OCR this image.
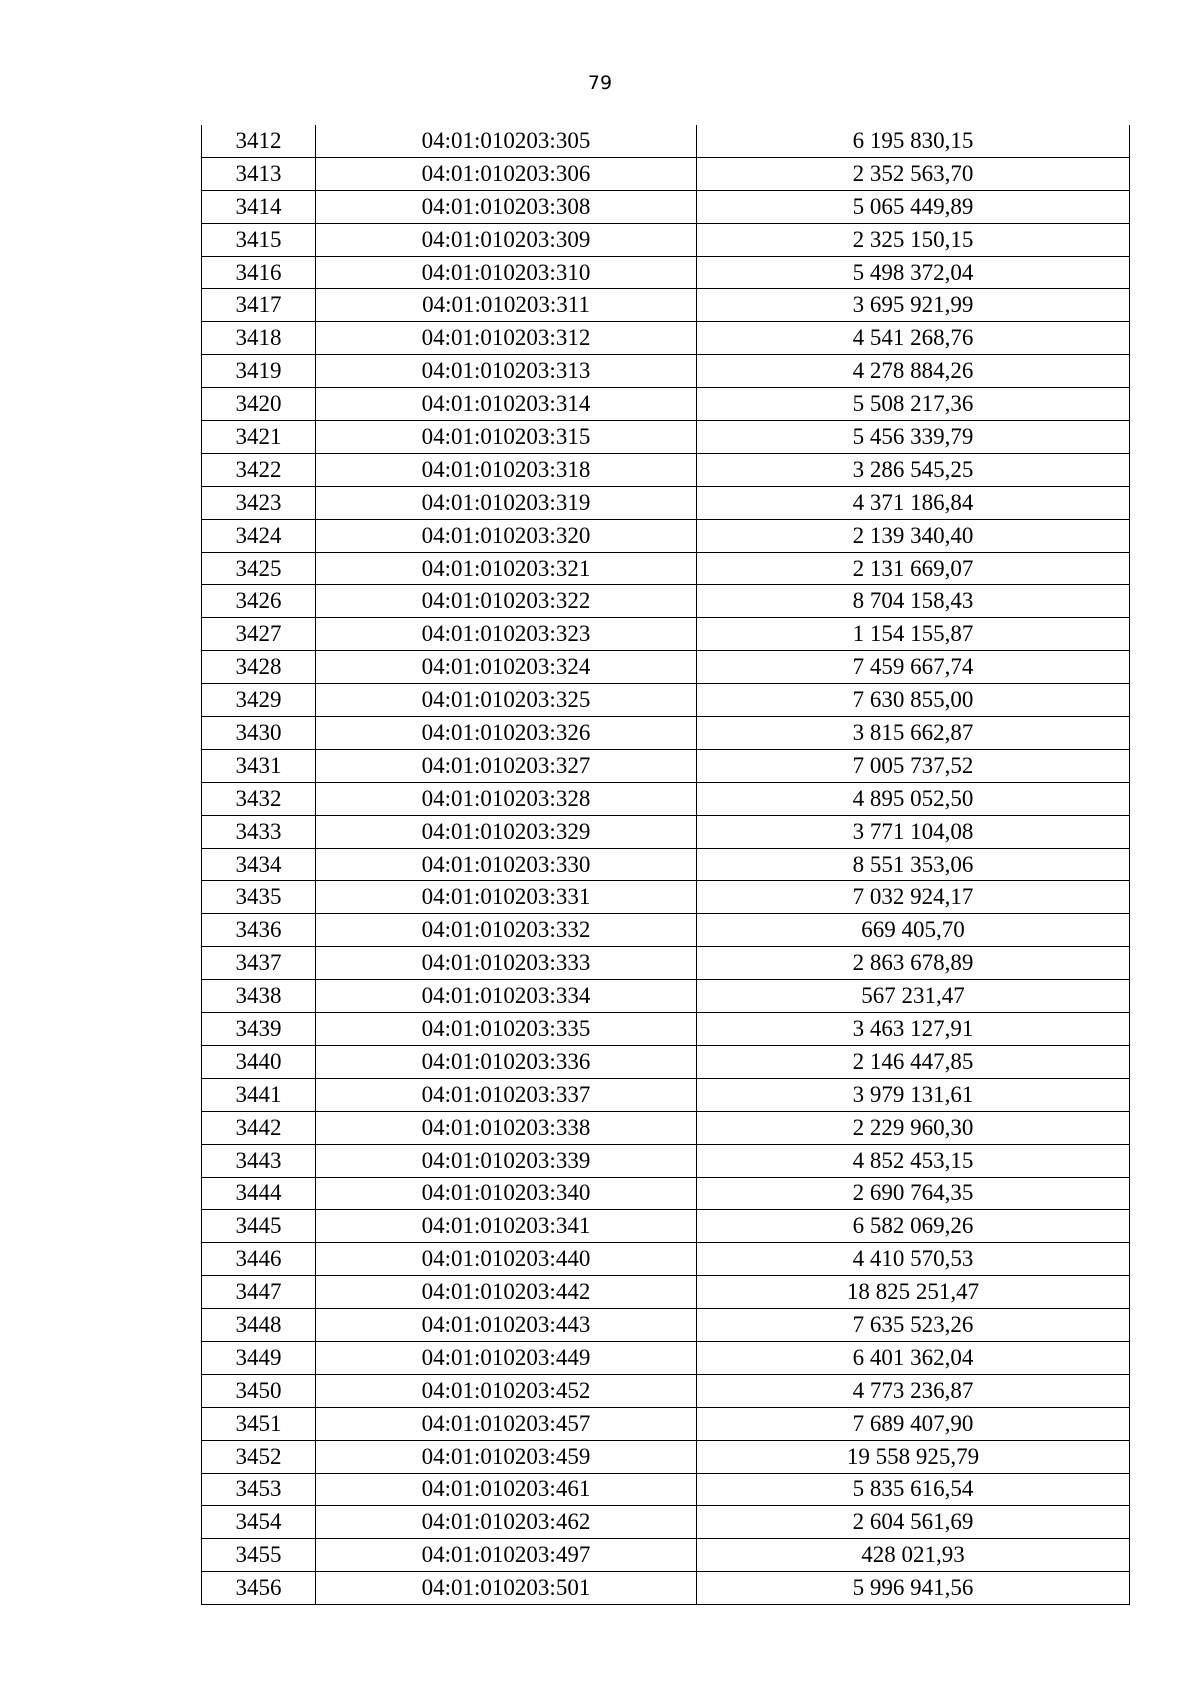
79
3412	04:01:010203:305	6 195 830,15
3413	04:01:010203:306	2 352 563,70
3414	04:01:010203:308	5 065 449,89
3415	04:01:010203:309	2 325 150,15
3416	04:01:010203:310	5 498 372,04
3417	04:01:010203:311	3 695 921,99
3418	04:01:010203:312	4 541 268,76
3419	04:01:010203:313	4 278 884,26
3420	04:01:010203:314	5 508 217,36
3421	04:01:010203:315	5 456 339,79
3422	04:01:010203:318	3 286 545,25
3423	04:01:010203:319	4 371 186,84
3424	04:01:010203:320	2 139 340,40
3425	04:01:010203:321	2 131 669,07
3426	04:01:010203:322	8 704 158,43
3427	04:01:010203:323	1 154 155,87
3428	04:01:010203:324	7 459 667,74
3429	04:01:010203:325	7 630 855,00
3430	04:01:010203:326	3 815 662,87
3431	04:01:010203:327	7 005 737,52
3432	04:01:010203:328	4 895 052,50
3433	04:01:010203:329	3 771 104,08
3434	04:01:010203:330	8 551 353,06
3435	04:01:010203:331	7 032 924,17
3436	04:01:010203:332	669 405,70
3437	04:01:010203:333	2 863 678,89
3438	04:01:010203:334	567 231,47
3439	04:01:010203:335	3 463 127,91
3440	04:01:010203:336	2 146 447,85
3441	04:01:010203:337	3 979 131,61
3442	04:01:010203:338	2 229 960,30
3443	04:01:010203:339	4 852 453,15
3444	04:01:010203:340	2 690 764,35
3445	04:01:010203:341	6 582 069,26
3446	04:01:010203:440	4 410 570,53
3447	04:01:010203:442	18 825 251,47
3448	04:01:010203:443	7 635 523,26
3449	04:01:010203:449	6 401 362,04
3450	04:01:010203:452	4 773 236,87
3451	04:01:010203:457	7 689 407,90
3452	04:01:010203:459	19 558 925,79
3453	04:01:010203:461	5 835 616,54
3454	04:01:010203:462	2 604 561,69
3455	04:01:010203:497	428 021,93
3456	04:01:010203:501	5 996 941,56
